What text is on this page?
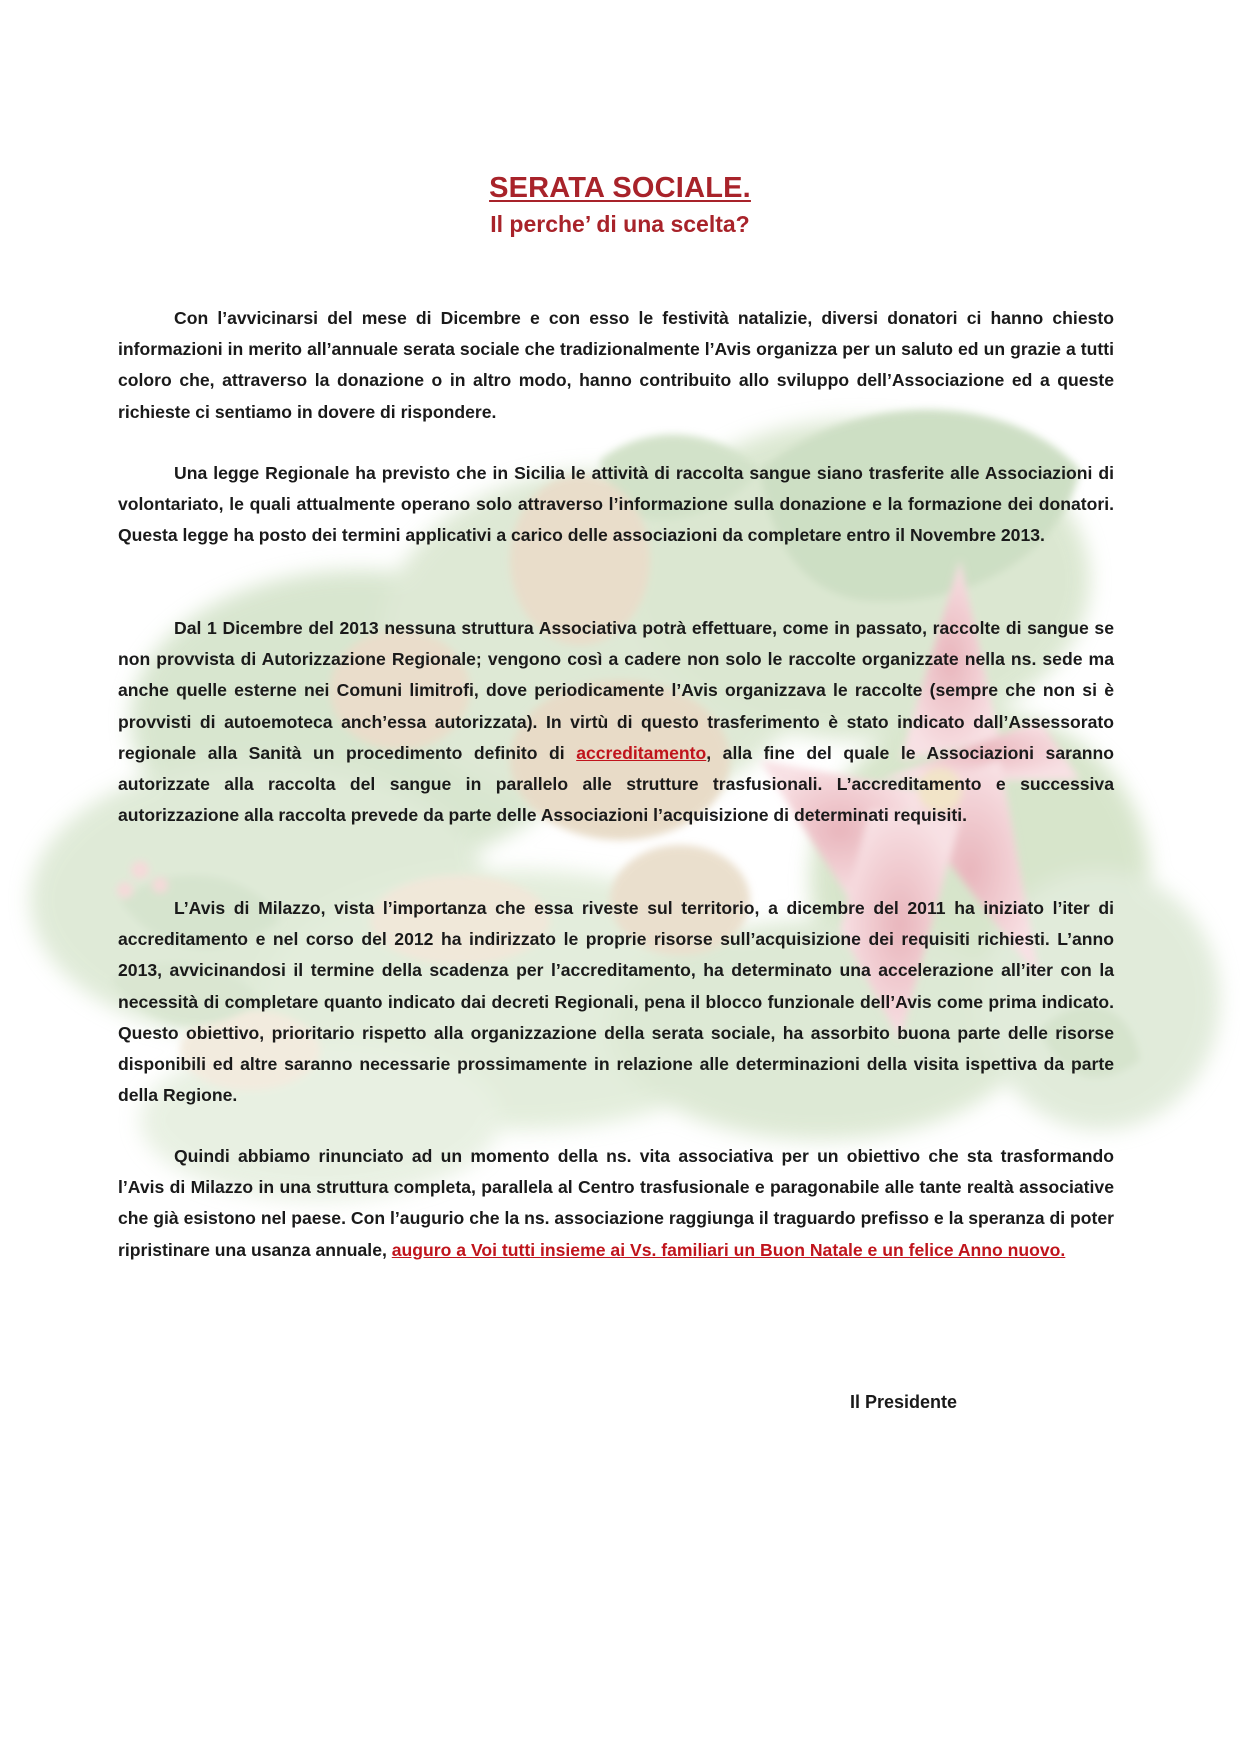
SERATA SOCIALE.
Il perche’ di una scelta?

Con l’avvicinarsi del mese di Dicembre e con esso le festività natalizie, diversi donatori ci hanno chiesto informazioni in merito all’annuale serata sociale che tradizionalmente l’Avis organizza per un saluto ed un grazie a tutti coloro che, attraverso la donazione o in altro modo, hanno contribuito allo sviluppo dell’Associazione ed a queste richieste ci sentiamo in dovere di rispondere.

Una legge Regionale ha previsto che in Sicilia le attività di raccolta sangue siano trasferite alle Associazioni di volontariato, le quali attualmente operano solo attraverso l’informazione sulla donazione e la formazione dei donatori. Questa legge ha posto dei termini applicativi a carico delle associazioni da completare entro il Novembre 2013.

Dal 1 Dicembre del 2013 nessuna struttura Associativa potrà effettuare, come in passato, raccolte di sangue se non provvista di Autorizzazione Regionale; vengono così a cadere non solo le raccolte organizzate nella ns. sede ma anche quelle esterne nei Comuni limitrofi, dove periodicamente l’Avis organizzava le raccolte (sempre che non si è provvisti di autoemoteca anch’essa autorizzata). In virtù di questo trasferimento è stato indicato dall’Assessorato regionale alla Sanità un procedimento definito di accreditamento, alla fine del quale le Associazioni saranno autorizzate alla raccolta del sangue in parallelo alle strutture trasfusionali. L’accreditamento e successiva autorizzazione alla raccolta prevede da parte delle Associazioni l’acquisizione di determinati requisiti.

L’Avis di Milazzo, vista l’importanza che essa riveste sul territorio, a dicembre del 2011 ha iniziato l’iter di accreditamento e nel corso del 2012 ha indirizzato le proprie risorse sull’acquisizione dei requisiti richiesti. L’anno 2013, avvicinandosi il termine della scadenza per l’accreditamento, ha determinato una accelerazione all’iter con la necessità di completare quanto indicato dai decreti Regionali, pena il blocco funzionale dell’Avis come prima indicato. Questo obiettivo, prioritario rispetto alla organizzazione della serata sociale, ha assorbito buona parte delle risorse disponibili ed altre saranno necessarie prossimamente in relazione alle determinazioni della visita ispettiva da parte della Regione.

Quindi abbiamo rinunciato ad un momento della ns. vita associativa per un obiettivo che sta trasformando l’Avis di Milazzo in una struttura completa, parallela al Centro trasfusionale e paragonabile alle tante realtà associative che già esistono nel paese. Con l’augurio che la ns. associazione raggiunga il traguardo prefisso e la speranza di poter ripristinare una usanza annuale, auguro a Voi tutti insieme ai Vs. familiari un Buon Natale e un felice Anno nuovo.

Il Presidente
